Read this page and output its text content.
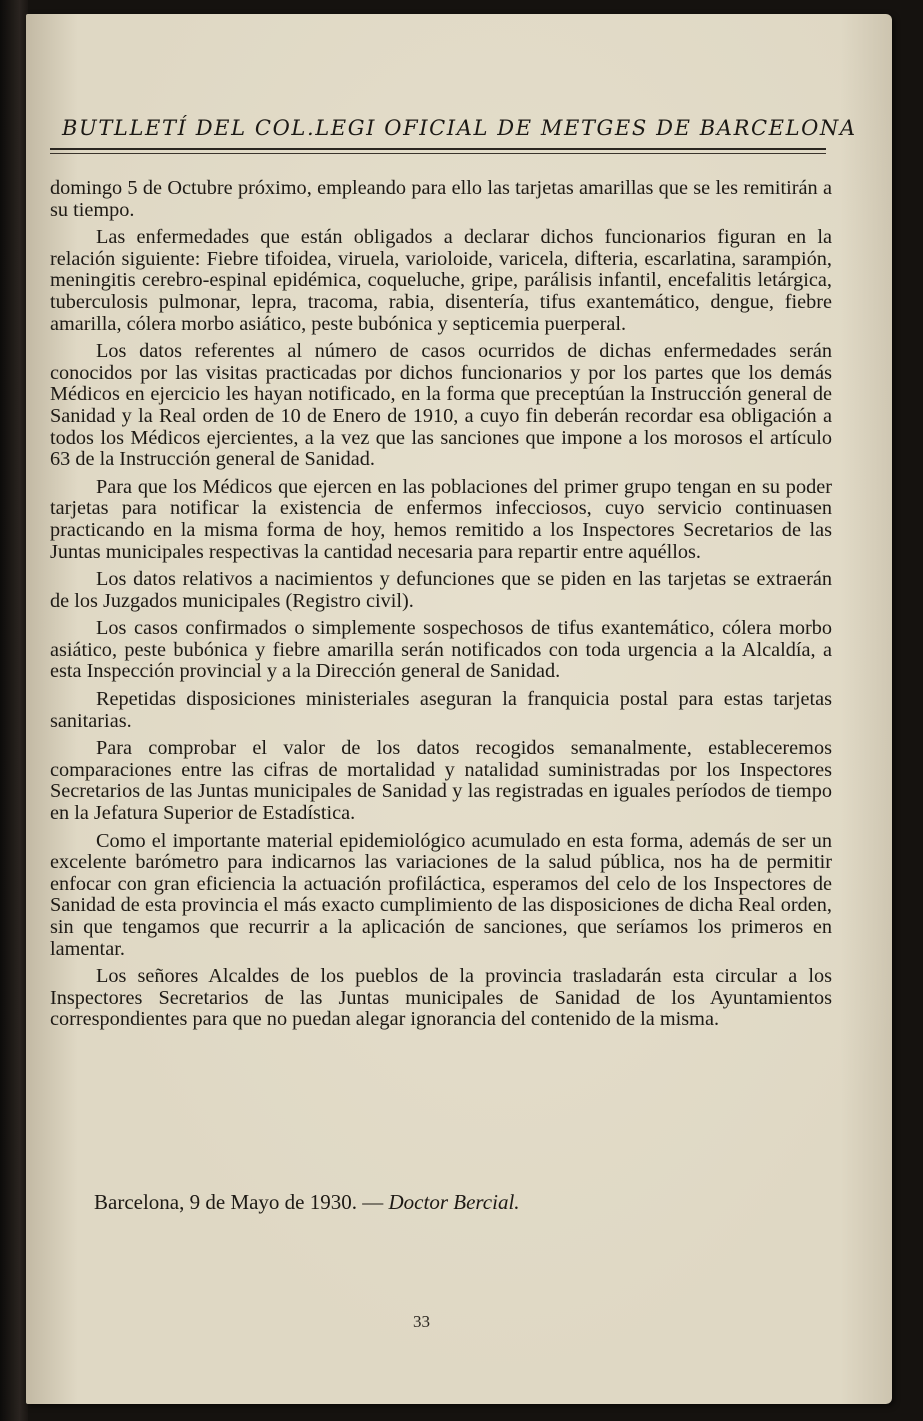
BUTLLETÍ DEL COL.LEGI OFICIAL DE METGES DE BARCELONA

domingo 5 de Octubre próximo, empleando para ello las tarjetas amarillas que se les remitirán a su tiempo.

Las enfermedades que están obligados a declarar dichos funcionarios figuran en la relación siguiente: Fiebre tifoidea, viruela, varioloide, varicela, difteria, escarlatina, sarampión, meningitis cerebro-espinal epidémica, coqueluche, gripe, parálisis infantil, encefalitis letárgica, tuberculosis pulmonar, lepra, tracoma, rabia, disentería, tifus exantemático, dengue, fiebre amarilla, cólera morbo asiático, peste bubónica y septicemia puerperal.

Los datos referentes al número de casos ocurridos de dichas enfermedades serán conocidos por las visitas practicadas por dichos funcionarios y por los partes que los demás Médicos en ejercicio les hayan notificado, en la forma que preceptúan la Instrucción general de Sanidad y la Real orden de 10 de Enero de 1910, a cuyo fin deberán recordar esa obligación a todos los Médicos ejercientes, a la vez que las sanciones que impone a los morosos el artículo 63 de la Instrucción general de Sanidad.

Para que los Médicos que ejercen en las poblaciones del primer grupo tengan en su poder tarjetas para notificar la existencia de enfermos infecciosos, cuyo servicio continuasen practicando en la misma forma de hoy, hemos remitido a los Inspectores Secretarios de las Juntas municipales respectivas la cantidad necesaria para repartir entre aquéllos.

Los datos relativos a nacimientos y defunciones que se piden en las tarjetas se extraerán de los Juzgados municipales (Registro civil).

Los casos confirmados o simplemente sospechosos de tifus exantemático, cólera morbo asiático, peste bubónica y fiebre amarilla serán notificados con toda urgencia a la Alcaldía, a esta Inspección provincial y a la Dirección general de Sanidad.

Repetidas disposiciones ministeriales aseguran la franquicia postal para estas tarjetas sanitarias.

Para comprobar el valor de los datos recogidos semanalmente, estableceremos comparaciones entre las cifras de mortalidad y natalidad suministradas por los Inspectores Secretarios de las Juntas municipales de Sanidad y las registradas en iguales períodos de tiempo en la Jefatura Superior de Estadística.

Como el importante material epidemiológico acumulado en esta forma, además de ser un excelente barómetro para indicarnos las variaciones de la salud pública, nos ha de permitir enfocar con gran eficiencia la actuación profiláctica, esperamos del celo de los Inspectores de Sanidad de esta provincia el más exacto cumplimiento de las disposiciones de dicha Real orden, sin que tengamos que recurrir a la aplicación de sanciones, que seríamos los primeros en lamentar.

Los señores Alcaldes de los pueblos de la provincia trasladarán esta circular a los Inspectores Secretarios de las Juntas municipales de Sanidad de los Ayuntamientos correspondientes para que no puedan alegar ignorancia del contenido de la misma.

Barcelona, 9 de Mayo de 1930. — Doctor Bercial.
33
